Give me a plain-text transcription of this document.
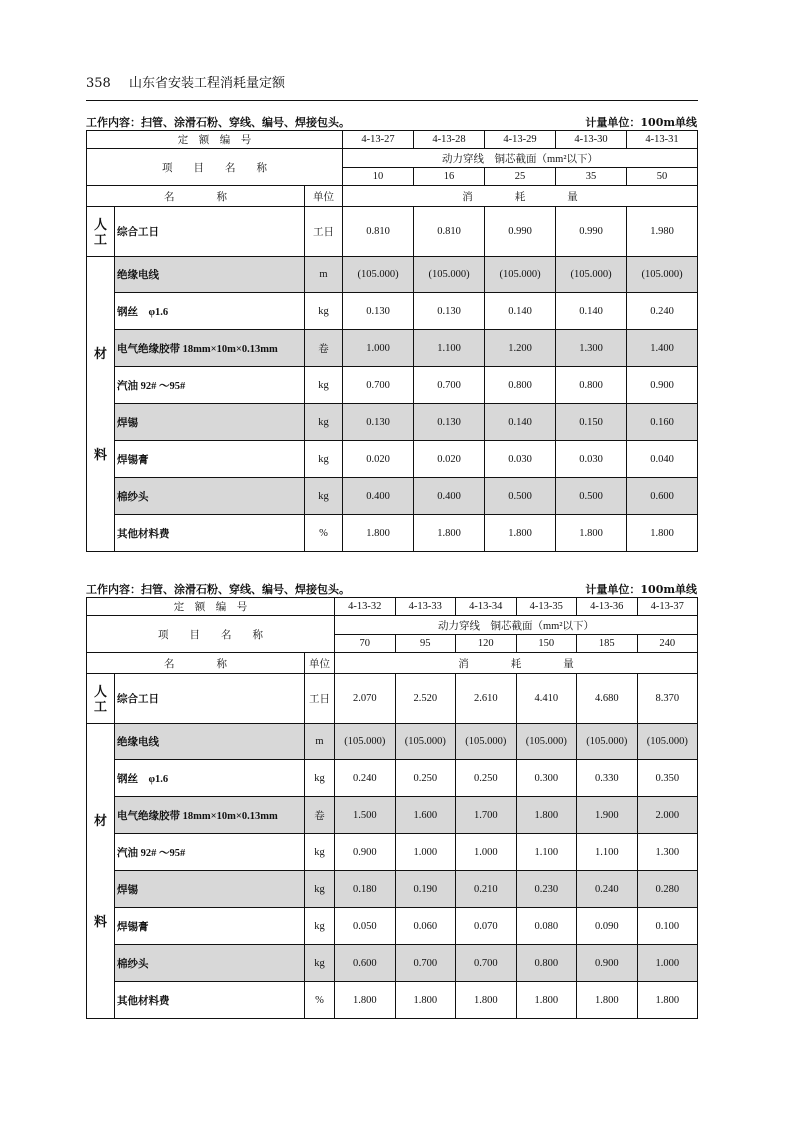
358 山东省安装工程消耗量定额
工作内容：扫管、涂滑石粉、穿线、编号、焊接包头。	计量单位：100m单线
定　额　编　号			4-13-27	4-13-28	4-13-29	4-13-30	4-13-31
项　　目　　名　　称			动力穿线　铜芯截面（mm²以下）				
			10	16	25	35	50
名　　　　称		单位	消　　　　耗　　　　量				
人工	综合工日	工日	0.810	0.810	0.990	0.990	1.980

材
料	绝缘电线	m	(105.000)	(105.000)	(105.000)	(105.000)	(105.000)
	钢丝　φ1.6	kg	0.130	0.130	0.140	0.140	0.240
	电气绝缘胶带 18mm×10m×0.13mm	卷	1.000	1.100	1.200	1.300	1.400
	汽油 92# ～95#	kg	0.700	0.700	0.800	0.800	0.900
	焊锡	kg	0.130	0.130	0.140	0.150	0.160
	焊锡膏	kg	0.020	0.020	0.030	0.030	0.040
	棉纱头	kg	0.400	0.400	0.500	0.500	0.600
	其他材料费	%	1.800	1.800	1.800	1.800	1.800
工作内容：扫管、涂滑石粉、穿线、编号、焊接包头。	计量单位：100m单线
定　额　编　号			4-13-32	4-13-33	4-13-34	4-13-35	4-13-36	4-13-37
项　　目　　名　　称			动力穿线　铜芯截面（mm²以下）					
			70	95	120	150	185	240
名　　　　称		单位	消　　　　耗　　　　量					
人工	综合工日	工日	2.070	2.520	2.610	4.410	4.680	8.370

材
料	绝缘电线	m	(105.000)	(105.000)	(105.000)	(105.000)	(105.000)	(105.000)
	钢丝　φ1.6	kg	0.240	0.250	0.250	0.300	0.330	0.350
	电气绝缘胶带 18mm×10m×0.13mm	卷	1.500	1.600	1.700	1.800	1.900	2.000
	汽油 92# ～95#	kg	0.900	1.000	1.000	1.100	1.100	1.300
	焊锡	kg	0.180	0.190	0.210	0.230	0.240	0.280
	焊锡膏	kg	0.050	0.060	0.070	0.080	0.090	0.100
	棉纱头	kg	0.600	0.700	0.700	0.800	0.900	1.000
	其他材料费	%	1.800	1.800	1.800	1.800	1.800	1.800
